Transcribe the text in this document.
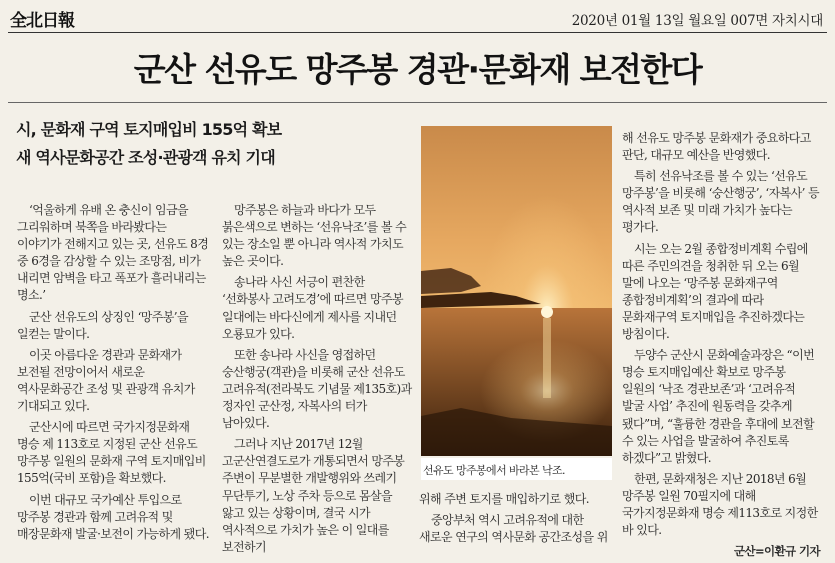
全北日報	2020년 01월 13일 월요일 007면 자치시대
군산 선유도 망주봉 경관·문화재 보전한다
시, 문화재 구역 토지매입비 155억 확보
새 역사문화공간 조성·관광객 유치 기대

‘억울하게 유배 온 충신이 임금을 그리워하며 북쪽을 바라봤다는 이야기가 전해지고 있는 곳, 선유도 8경 중 6경을 감상할 수 있는 조망점, 비가 내리면 암벽을 타고 폭포가 흘러내리는 명소.’

군산 선유도의 상징인 ‘망주봉’을 일컫는 말이다.

이곳 아름다운 경관과 문화재가 보전될 전망이어서 새로운 역사문화공간 조성 및 관광객 유치가 기대되고 있다.

군산시에 따르면 국가지정문화재 명승 제 113호로 지정된 군산 선유도 망주봉 일원의 문화재 구역 토지매입비 155억(국비 포함)을 확보했다.

이번 대규모 국가예산 투입으로 망주봉 경관과 함께 고려유적 및 매장문화재 발굴·보전이 가능하게 됐다.

망주봉은 하늘과 바다가 모두 붉은색으로 변하는 ‘선유낙조’를 볼 수 있는 장소일 뿐 아니라 역사적 가치도 높은 곳이다.

송나라 사신 서긍이 편찬한 ‘선화봉사 고려도경’에 따르면 망주봉 일대에는 바다신에게 제사를 지내던 오룡묘가 있다.

또한 송나라 사신을 영접하던 숭산행궁(객관)을 비롯해 군산 선유도 고려유적(전라북도 기념물 제135호)과 정자인 군산정, 자복사의 터가 남아있다.

그러나 지난 2017년 12월 고군산연결도로가 개통되면서 망주봉 주변이 무분별한 개발행위와 쓰레기 무단투기, 노상 주차 등으로 몸살을 앓고 있는 상황이며, 결국 시가 역사적으로 가치가 높은 이 일대를 보전하기

선유도 망주봉에서 바라본 낙조.

위해 주변 토지를 매입하기로 했다.

중앙부처 역시 고려유적에 대한 새로운 연구의 역사문화 공간조성을 위

해 선유도 망주봉 문화재가 중요하다고 판단, 대규모 예산을 반영했다.

특히 선유낙조를 볼 수 있는 ‘선유도 망주봉’을 비롯해 ‘숭산행궁’, ‘자복사’ 등 역사적 보존 및 미래 가치가 높다는 평가다.

시는 오는 2월 종합정비계획 수립에 따른 주민의견을 청취한 뒤 오는 6월 말에 나오는 ‘망주봉 문화재구역 종합정비계획’의 결과에 따라 문화재구역 토지매입을 추진하겠다는 방침이다.

두양수 군산시 문화예술과장은 “이번 명승 토지매입예산 확보로 망주봉 일원의 ‘낙조 경관보존’과 ‘고려유적 발굴 사업’ 추진에 원동력을 갖추게 됐다”며, “훌륭한 경관을 후대에 보전할 수 있는 사업을 발굴하여 추진토록 하겠다”고 밝혔다.

한편, 문화재청은 지난 2018년 6월 망주봉 일원 70필지에 대해 국가지정문화재 명승 제113호로 지정한 바 있다.

군산=이환규 기자
